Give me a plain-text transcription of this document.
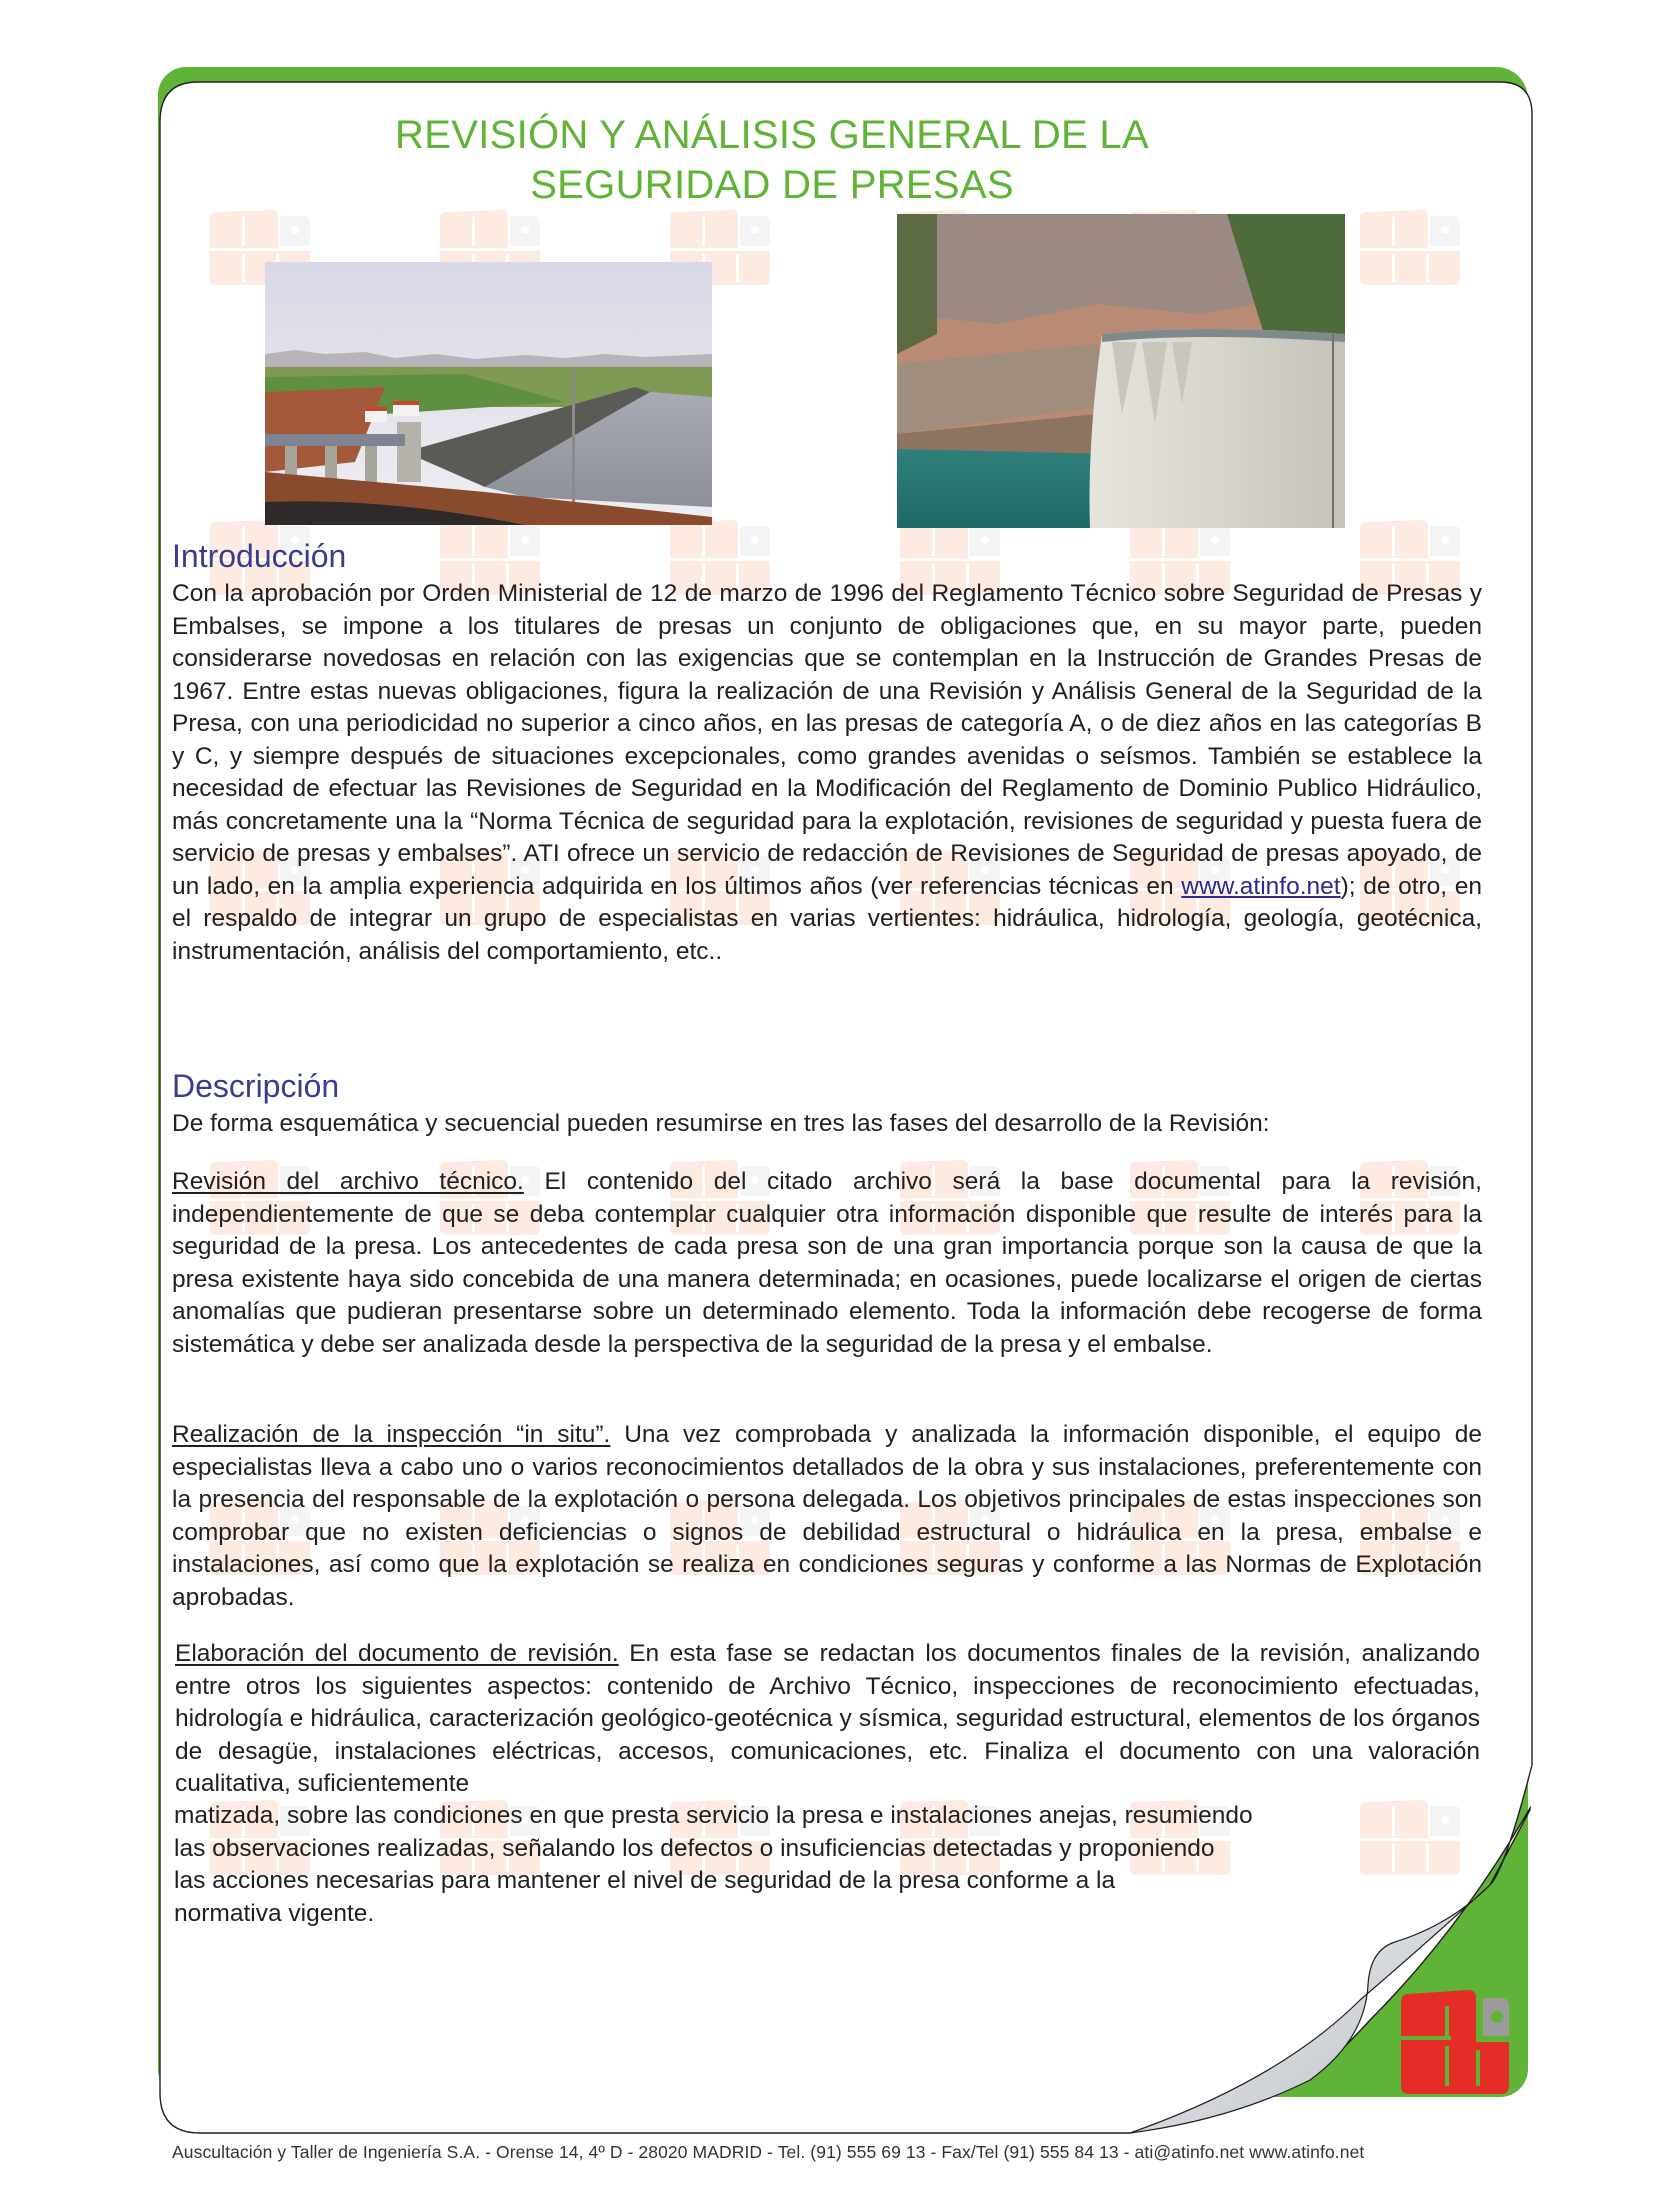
REVISIÓN Y ANÁLISIS GENERAL DE LA
SEGURIDAD DE PRESAS
Introducción

Con la aprobación por Orden Ministerial de 12 de marzo de 1996 del Reglamento Técnico sobre Seguridad de Presas y Embalses, se impone a los titulares de presas un conjunto de obligaciones que, en su mayor parte, pueden considerarse novedosas en relación con las exigencias que se contemplan en la Instrucción de Grandes Presas de 1967. Entre estas nuevas obligaciones, figura la realización de una Revisión y Análisis General de la Seguridad de la Presa, con una periodicidad no superior a cinco años, en las presas de categoría A, o de diez años en las categorías B y C, y siempre después de situaciones excepcionales, como grandes avenidas o seísmos. También se establece la necesidad de efectuar las Revisiones de Seguridad en la Modificación del Reglamento de Dominio Publico Hidráulico, más concretamente una la “Norma Técnica de seguridad para la explotación, revisiones de seguridad y puesta fuera de servicio de presas y embalses”. ATI ofrece un servicio de redacción de Revisiones de Seguridad de presas apoyado, de un lado, en la amplia experiencia adquirida en los últimos años (ver referencias técnicas en www.atinfo.net); de otro, en el respaldo de integrar un grupo de especialistas en varias vertientes: hidráulica, hidrología, geología, geotécnica, instrumentación, análisis del comportamiento, etc..

Descripción

De forma esquemática y secuencial pueden resumirse en tres las fases del desarrollo de la Revisión:

Revisión del archivo técnico. El contenido del citado archivo será la base documental para la revisión, independientemente de que se deba contemplar cualquier otra información disponible que resulte de interés para la seguridad de la presa. Los antecedentes de cada presa son de una gran importancia porque son la causa de que la presa existente haya sido concebida de una manera determinada; en ocasiones, puede localizarse el origen de ciertas anomalías que pudieran presentarse sobre un determinado elemento. Toda la información debe recogerse de forma sistemática y debe ser analizada desde la perspectiva de la seguridad de la presa y el embalse.

Realización de la inspección “in situ”. Una vez comprobada y analizada la información disponible, el equipo de especialistas lleva a cabo uno o varios reconocimientos detallados de la obra y sus instalaciones, preferentemente con la presencia del responsable de la explotación o persona delegada. Los objetivos principales de estas inspecciones son comprobar que no existen deficiencias o signos de debilidad estructural o hidráulica en la presa, embalse e instalaciones, así como que la explotación se realiza en condiciones seguras y conforme a las Normas de Explotación aprobadas.

Elaboración del documento de revisión. En esta fase se redactan los documentos finales de la revisión, analizando entre otros los siguientes aspectos: contenido de Archivo Técnico, inspecciones de reconocimiento efectuadas, hidrología e hidráulica, caracterización geológico-geotécnica y sísmica, seguridad estructural, elementos de los órganos de desagüe, instalaciones eléctricas, accesos, comunicaciones, etc. Finaliza el documento con una valoración cualitativa, suficientemente

matizada, sobre las condiciones en que presta servicio la presa e instalaciones anejas, resumiendo
las observaciones realizadas, señalando los defectos o insuficiencias detectadas y proponiendo
las acciones necesarias para mantener el nivel de seguridad de la presa conforme a la
normativa vigente.
Auscultación y Taller de Ingeniería S.A. - Orense 14, 4º D - 28020 MADRID - Tel. (91) 555 69 13 - Fax/Tel (91) 555 84 13 - ati@atinfo.net www.atinfo.net
